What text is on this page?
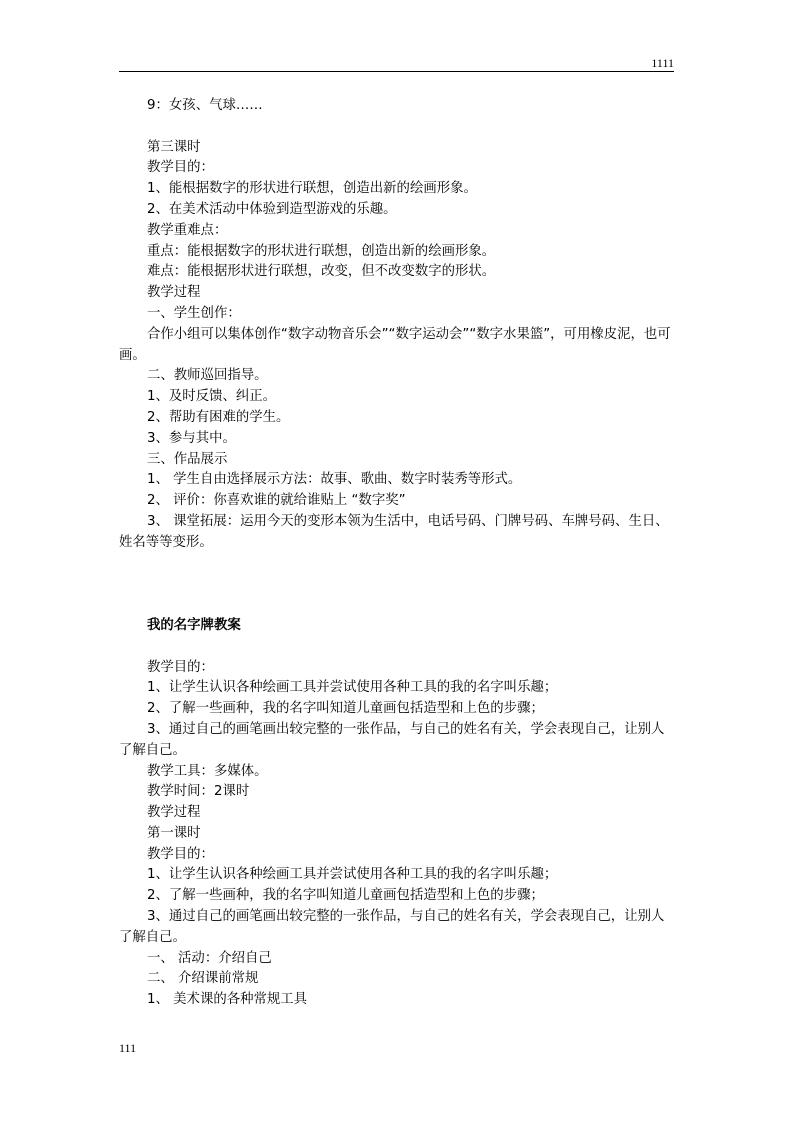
1111
9：女孩、气球……
第三课时
教学目的：
1、能根据数字的形状进行联想，创造出新的绘画形象。
2、在美术活动中体验到造型游戏的乐趣。
教学重难点：
重点：能根据数字的形状进行联想，创造出新的绘画形象。
难点：能根据形状进行联想，改变，但不改变数字的形状。
教学过程
一、学生创作：
合作小组可以集体创作“数字动物音乐会”“数字运动会”“数字水果篮”，可用橡皮泥，也可画。
二、教师巡回指导。
1、及时反馈、纠正。
2、帮助有困难的学生。
3、参与其中。
三、作品展示
1、 学生自由选择展示方法：故事、歌曲、数字时装秀等形式。
2、 评价：你喜欢谁的就给谁贴上 “数字奖”
3、 课堂拓展：运用今天的变形本领为生活中，电话号码、门牌号码、车牌号码、生日、姓名等等变形。
我的名字牌教案
教学目的：
1、让学生认识各种绘画工具并尝试使用各种工具的我的名字叫乐趣；
2、了解一些画种，我的名字叫知道儿童画包括造型和上色的步骤；
3、通过自己的画笔画出较完整的一张作品，与自己的姓名有关，学会表现自己，让别人了解自己。
教学工具：多媒体。
教学时间：2课时
教学过程
第一课时
教学目的：
1、让学生认识各种绘画工具并尝试使用各种工具的我的名字叫乐趣；
2、了解一些画种，我的名字叫知道儿童画包括造型和上色的步骤；
3、通过自己的画笔画出较完整的一张作品，与自己的姓名有关，学会表现自己，让别人了解自己。
一、 活动：介绍自己
二、 介绍课前常规
1、 美术课的各种常规工具
111
